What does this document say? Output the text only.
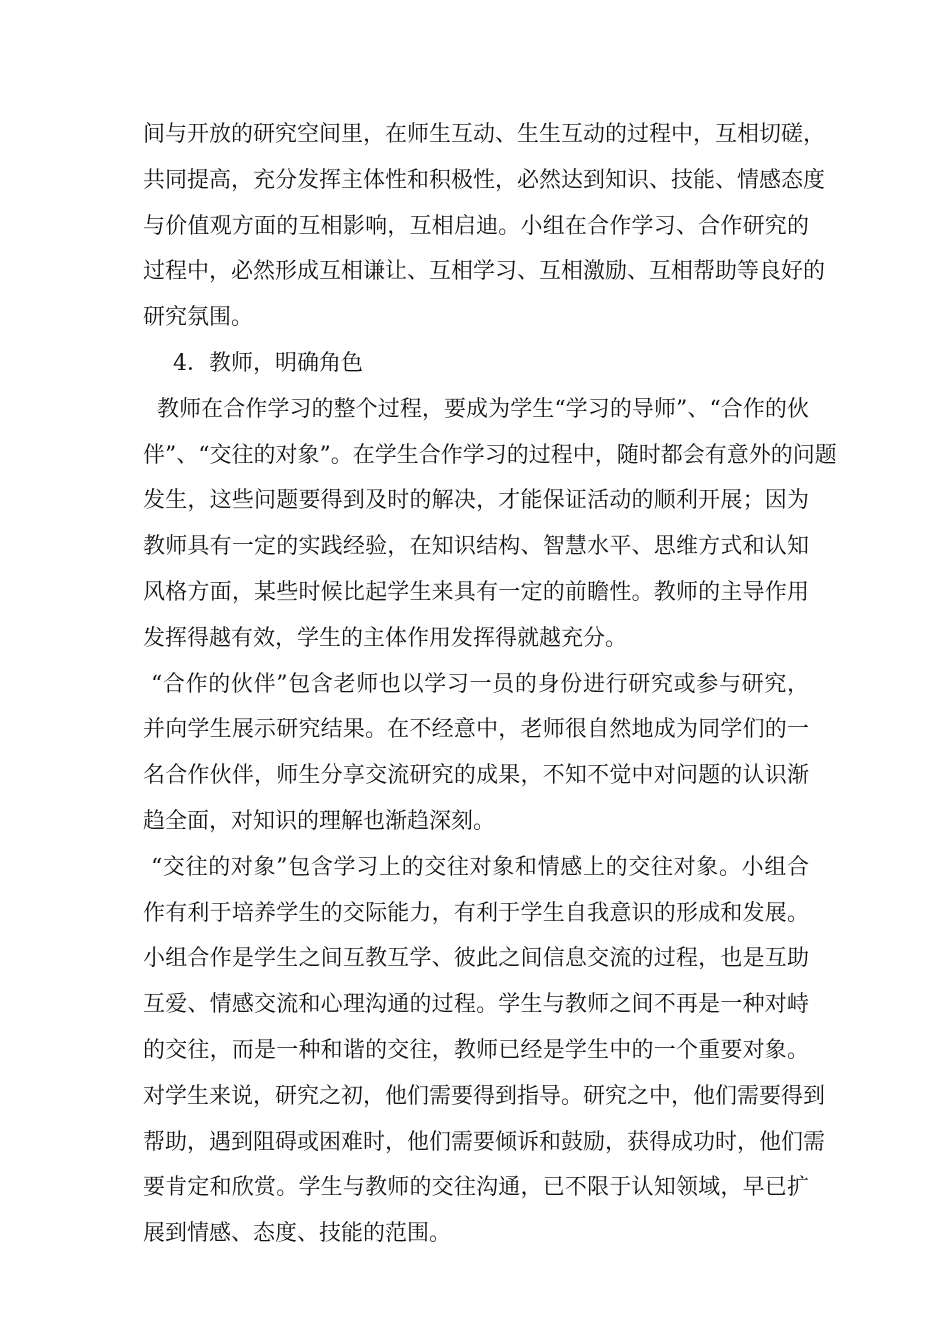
间与开放的研究空间里，在师生互动、生生互动的过程中，互相切磋，
共同提高，充分发挥主体性和积极性，必然达到知识、技能、情感态度
与价值观方面的互相影响，互相启迪。小组在合作学习、合作研究的
过程中，必然形成互相谦让、互相学习、互相激励、互相帮助等良好的
研究氛围。
4．教师，明确角色
教师在合作学习的整个过程，要成为学生“学习的导师”、“合作的伙
伴”、“交往的对象”。在学生合作学习的过程中，随时都会有意外的问题
发生，这些问题要得到及时的解决，才能保证活动的顺利开展；因为
教师具有一定的实践经验，在知识结构、智慧水平、思维方式和认知
风格方面，某些时候比起学生来具有一定的前瞻性。教师的主导作用
发挥得越有效，学生的主体作用发挥得就越充分。
“合作的伙伴”包含老师也以学习一员的身份进行研究或参与研究，
并向学生展示研究结果。在不经意中，老师很自然地成为同学们的一
名合作伙伴，师生分享交流研究的成果，不知不觉中对问题的认识渐
趋全面，对知识的理解也渐趋深刻。
“交往的对象”包含学习上的交往对象和情感上的交往对象。小组合
作有利于培养学生的交际能力，有利于学生自我意识的形成和发展。
小组合作是学生之间互教互学、彼此之间信息交流的过程，也是互助
互爱、情感交流和心理沟通的过程。学生与教师之间不再是一种对峙
的交往，而是一种和谐的交往，教师已经是学生中的一个重要对象。
对学生来说，研究之初，他们需要得到指导。研究之中，他们需要得到
帮助，遇到阻碍或困难时，他们需要倾诉和鼓励，获得成功时，他们需
要肯定和欣赏。学生与教师的交往沟通，已不限于认知领域，早已扩
展到情感、态度、技能的范围。
